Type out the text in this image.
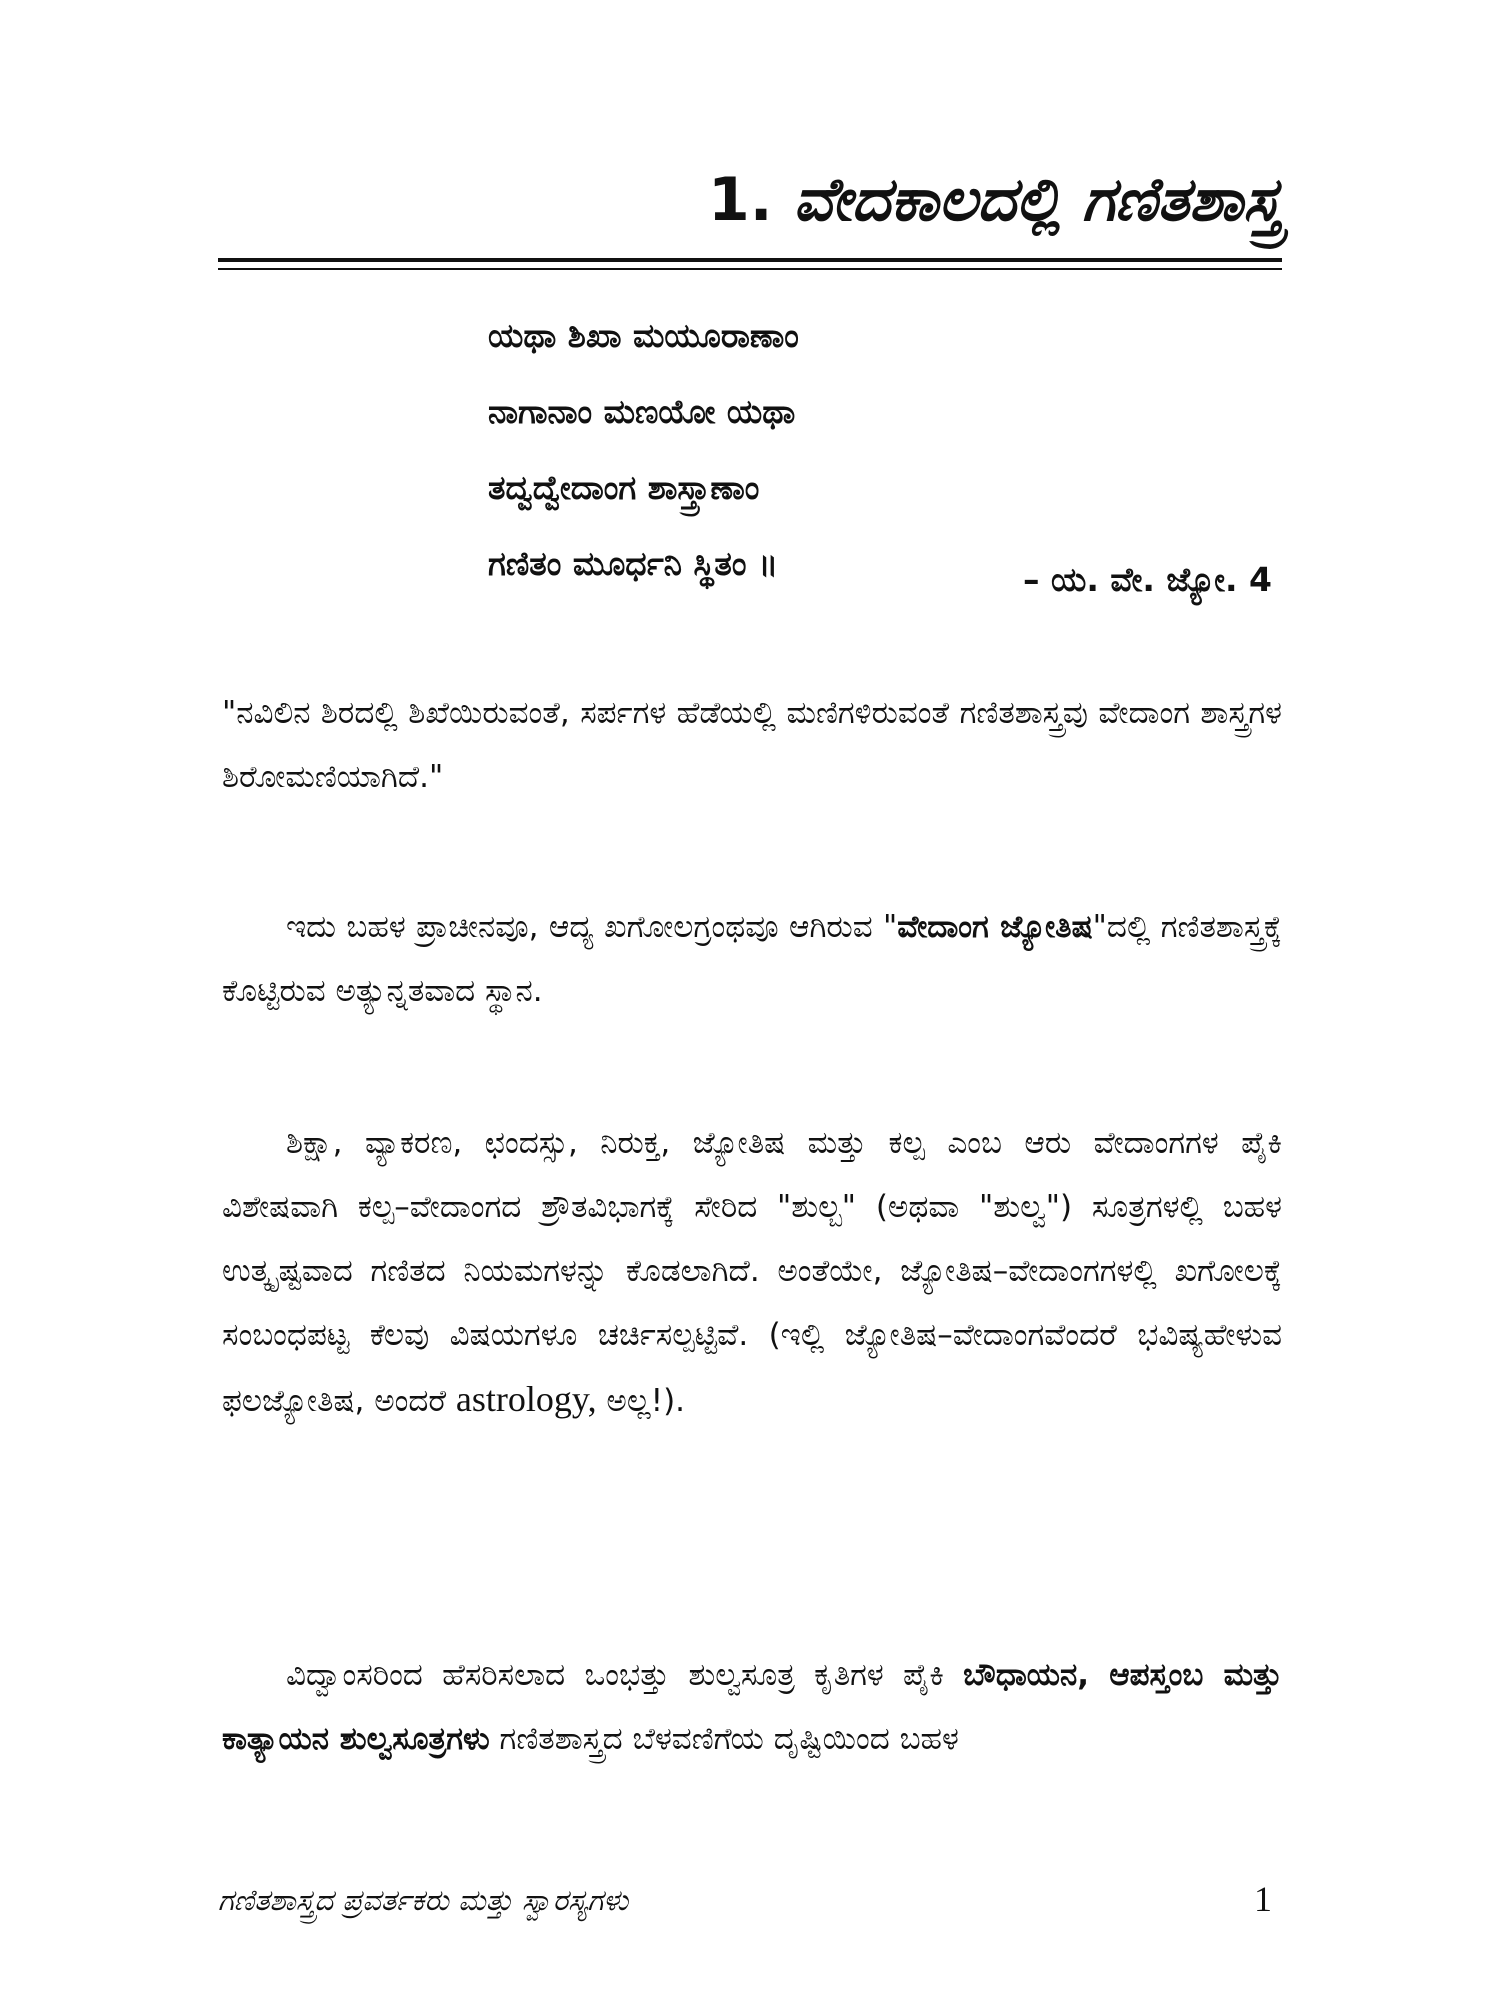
1. ವೇದಕಾಲದಲ್ಲಿ ಗಣಿತಶಾಸ್ತ್ರ
ಯಥಾ ಶಿಖಾ ಮಯೂರಾಣಾಂ
ನಾಗಾನಾಂ ಮಣಯೋ ಯಥಾ
ತದ್ವದ್ವೇದಾಂಗ ಶಾಸ್ತ್ರಾಣಾಂ
ಗಣಿತಂ ಮೂರ್ಧನಿ ಸ್ಥಿತಂ ॥	– ಯ. ವೇ. ಜ್ಯೋ. 4

"ನವಿಲಿನ ಶಿರದಲ್ಲಿ ಶಿಖೆಯಿರುವಂತೆ, ಸರ್ಪಗಳ ಹೆಡೆಯಲ್ಲಿ ಮಣಿಗಳಿರುವಂತೆ ಗಣಿತಶಾಸ್ತ್ರವು ವೇದಾಂಗ ಶಾಸ್ತ್ರಗಳ ಶಿರೋಮಣಿಯಾಗಿದೆ."

ಇದು ಬಹಳ ಪ್ರಾಚೀನವೂ, ಆದ್ಯ ಖಗೋಲಗ್ರಂಥವೂ ಆಗಿರುವ "ವೇದಾಂಗ ಜ್ಯೋತಿಷ"ದಲ್ಲಿ ಗಣಿತಶಾಸ್ತ್ರಕ್ಕೆ ಕೊಟ್ಟಿರುವ ಅತ್ಯುನ್ನತವಾದ ಸ್ಥಾನ.

ಶಿಕ್ಷಾ, ವ್ಯಾಕರಣ, ಛಂದಸ್ಸು, ನಿರುಕ್ತ, ಜ್ಯೋತಿಷ ಮತ್ತು ಕಲ್ಪ ಎಂಬ ಆರು ವೇದಾಂಗಗಳ ಪೈಕಿ ವಿಶೇಷವಾಗಿ ಕಲ್ಪ–ವೇದಾಂಗದ ಶ್ರೌತವಿಭಾಗಕ್ಕೆ ಸೇರಿದ "ಶುಲ್ಬ" (ಅಥವಾ "ಶುಲ್ವ") ಸೂತ್ರಗಳಲ್ಲಿ ಬಹಳ ಉತ್ಕೃಷ್ಟವಾದ ಗಣಿತದ ನಿಯಮಗಳನ್ನು ಕೊಡಲಾಗಿದೆ. ಅಂತೆಯೇ, ಜ್ಯೋತಿಷ–ವೇದಾಂಗಗಳಲ್ಲಿ ಖಗೋಲಕ್ಕೆ ಸಂಬಂಧಪಟ್ಟ ಕೆಲವು ವಿಷಯಗಳೂ ಚರ್ಚಿಸಲ್ಪಟ್ಟಿವೆ. (ಇಲ್ಲಿ ಜ್ಯೋತಿಷ–ವೇದಾಂಗವೆಂದರೆ ಭವಿಷ್ಯಹೇಳುವ ಫಲಜ್ಯೋತಿಷ, ಅಂದರೆ astrology, ಅಲ್ಲ!).

ವಿದ್ವಾಂಸರಿಂದ ಹೆಸರಿಸಲಾದ ಒಂಭತ್ತು ಶುಲ್ವಸೂತ್ರ ಕೃತಿಗಳ ಪೈಕಿ ಬೌಧಾಯನ, ಆಪಸ್ತಂಬ ಮತ್ತು ಕಾತ್ಯಾಯನ ಶುಲ್ವಸೂತ್ರಗಳು ಗಣಿತಶಾಸ್ತ್ರದ ಬೆಳವಣಿಗೆಯ ದೃಷ್ಟಿಯಿಂದ ಬಹಳ

ಗಣಿತಶಾಸ್ತ್ರದ ಪ್ರವರ್ತಕರು ಮತ್ತು ಸ್ವಾರಸ್ಯಗಳು	1
